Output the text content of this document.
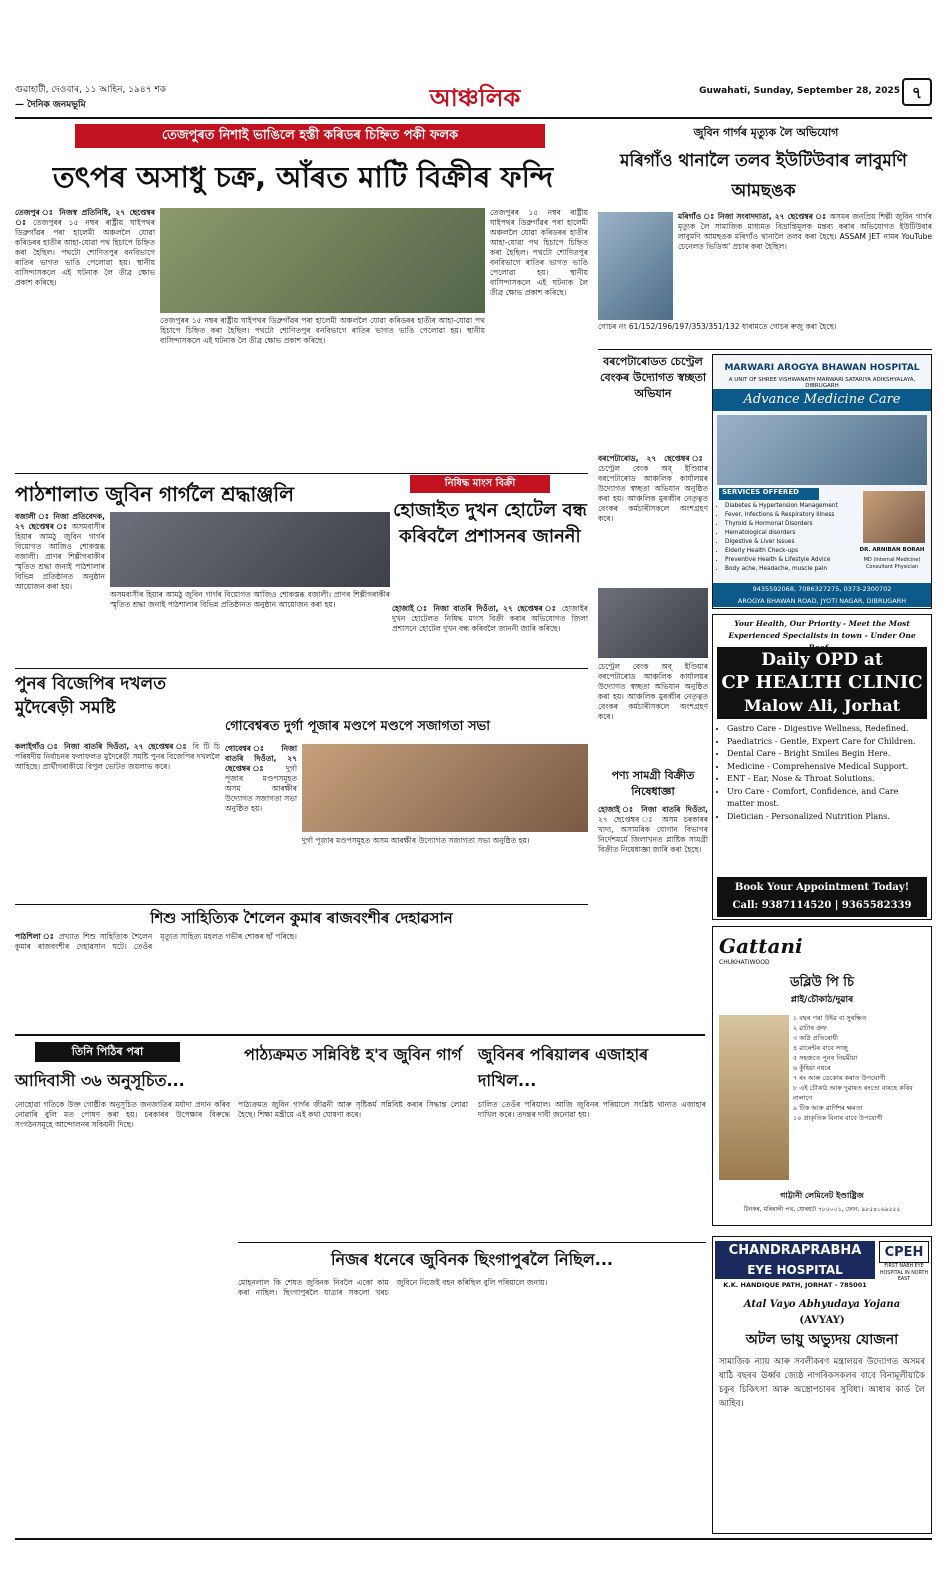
গুৱাহাটী, দেওবাৰ, ১১ আহিন, ১৯৪৭ শক
— দৈনিক জনমভূমি	আঞ্চলিক	Guwahati, Sunday, September 28, 2025 ৭
তেজপুৰত নিশাই ভাঙিলে হস্তী কৰিডৰ চিহ্নিত পকী ফলক
তৎপৰ অসাধু চক্ৰ, আঁৰত মাটি বিক্ৰীৰ ফন্দি
তেজপুৰ ঃ নিজস্ব প্ৰতিনিধি, ২৭ ছেপ্তেম্বৰ ঃ তেজপুৰৰ ১৫ নম্বৰ ৰাষ্ট্ৰীয় ঘাইপথৰ ডিব্ৰুগাঁৱৰ পৰা হালেমী অঞ্চললৈ যোৱা কৰিডৰৰ হাতীৰ আহা-যোৱা পথ হিচাপে চিহ্নিত কৰা হৈছিল। পথটো শোণিতপুৰ বনবিভাগে ৰাতিৰ ভাগত ভাঙি পেলোৱা হয়। স্থানীয় বাসিন্দাসকলে এই ঘটনাক লৈ তীব্ৰ ক্ষোভ প্ৰকাশ কৰিছে।
তেজপুৰৰ ১৫ নম্বৰ ৰাষ্ট্ৰীয় ঘাইপথৰ ডিব্ৰুগাঁৱৰ পৰা হালেমী অঞ্চললৈ যোৱা কৰিডৰৰ হাতীৰ আহা-যোৱা পথ হিচাপে চিহ্নিত কৰা হৈছিল। পথটো শোণিতপুৰ বনবিভাগে ৰাতিৰ ভাগত ভাঙি পেলোৱা হয়। স্থানীয় বাসিন্দাসকলে এই ঘটনাক লৈ তীব্ৰ ক্ষোভ প্ৰকাশ কৰিছে।
তেজপুৰৰ ১৫ নম্বৰ ৰাষ্ট্ৰীয় ঘাইপথৰ ডিব্ৰুগাঁৱৰ পৰা হালেমী অঞ্চললৈ যোৱা কৰিডৰৰ হাতীৰ আহা-যোৱা পথ হিচাপে চিহ্নিত কৰা হৈছিল। পথটো শোণিতপুৰ বনবিভাগে ৰাতিৰ ভাগত ভাঙি পেলোৱা হয়। স্থানীয় বাসিন্দাসকলে এই ঘটনাক লৈ তীব্ৰ ক্ষোভ প্ৰকাশ কৰিছে।
পাঠশালাত জুবিন গাৰ্গলৈ শ্ৰদ্ধাঞ্জলি
বজালী ঃ নিজা প্ৰতিবেদক, ২৭ ছেপ্তেম্বৰ ঃ অসমবাসীৰ হিয়াৰ আমঠু জুবিন গাৰ্গৰ বিয়োগত আজিও শোকস্তব্ধ বজালী। প্ৰাণৰ শিল্পীগৰাকীৰ স্মৃতিত শ্ৰদ্ধা জনাই পাঠশালাৰ বিভিন্ন প্ৰতিষ্ঠানত অনুষ্ঠান আয়োজন কৰা হয়।
অসমবাসীৰ হিয়াৰ আমঠু জুবিন গাৰ্গৰ বিয়োগত আজিও শোকস্তব্ধ বজালী। প্ৰাণৰ শিল্পীগৰাকীৰ স্মৃতিত শ্ৰদ্ধা জনাই পাঠশালাৰ বিভিন্ন প্ৰতিষ্ঠানত অনুষ্ঠান আয়োজন কৰা হয়।
নিষিদ্ধ মাংস বিক্ৰী
হোজাইত দুখন হোটেল বন্ধ কৰিবলৈ প্ৰশাসনৰ জাননী
হোজাই ঃ নিজা বাতৰি দিওঁতা, ২৭ ছেপ্তেম্বৰ ঃ হোজাইৰ দুখন হোটেলত নিষিদ্ধ মাংস বিক্ৰী কৰাৰ অভিযোগত জিলা প্ৰশাসনে হোটেল দুখন বন্ধ কৰিবলৈ জাননী জাৰি কৰিছে।
পুনৰ বিজেপিৰ দখলত মুদৈৰেড়ী সমষ্টি
কলাইগাঁও ঃ নিজা বাতৰি দিওঁতা, ২৭ ছেপ্তেম্বৰ ঃ বি টি চি পৰিষদীয় নিৰ্বাচনৰ ফলাফলত মুদৈৰেড়ী সমষ্টি পুনৰ বিজেপিৰ দখললৈ আহিছে। প্ৰাৰ্থীগৰাকীয়ে বিপুল ভোটত জয়লাভ কৰে।
গোবেশ্বৰত দুৰ্গা পূজাৰ মণ্ডপে মণ্ডপে সজাগতা সভা
গোবেশ্বৰ ঃ নিজা বাতৰি দিওঁতা, ২৭ ছেপ্তেম্বৰ ঃ দুৰ্গা পূজাৰ মণ্ডপসমূহত অসম আৰক্ষীৰ উদ্যোগত সজাগতা সভা অনুষ্ঠিত হয়।
দুৰ্গা পূজাৰ মণ্ডপসমূহত অসম আৰক্ষীৰ উদ্যোগত সজাগতা সভা অনুষ্ঠিত হয়।
শিশু সাহিত্যিক শৈলেন কুমাৰ ৰাজবংশীৰ দেহাৱসান
পাঠশিলা ঃ প্ৰখ্যাত শিশু সাহিত্যিক শৈলেন কুমাৰ ৰাজবংশীৰ দেহাৱসান ঘটে। তেওঁৰ মৃত্যুত সাহিত্য মহলত গভীৰ শোকৰ ছাঁ পৰিছে।
জুবিন গাৰ্গৰ মৃত্যুক লৈ অভিযোগ
মৰিগাঁও থানালৈ তলব ইউটিউবাৰ লাবুমণি আমছঙক
মৰিগাঁও ঃ নিজা সংবাদদাতা, ২৭ ছেপ্তেম্বৰ ঃ অসমৰ জনপ্ৰিয় শিল্পী জুবিন গাৰ্গৰ মৃত্যুক লৈ সামাজিক মাধ্যমত বিভ্ৰান্তিমূলক মন্তব্য কৰাৰ অভিযোগত ইউটিউবাৰ লাবুমণি আমছঙক মৰিগাঁও থানালৈ তলব কৰা হৈছে। ASSAM JET নামৰ YouTube চেনেলত ভিডিঅ' প্ৰচাৰ কৰা হৈছিল।
গোচৰ নং 61/152/196/197/353/351/132 ধাৰামতে গোচৰ ৰুজু কৰা হৈছে।
বৰপেটাৰোডত চেণ্ট্ৰেল বেংকৰ উদ্যোগত স্বচ্ছতা অভিযান
বৰপেটাৰোড, ২৭ ছেপ্তেম্বৰ ঃ চেণ্ট্ৰেল বেংক অব্ ইণ্ডিয়াৰ বৰপেটাৰোড আঞ্চলিক কাৰ্যালয়ৰ উদ্যোগত স্বচ্ছতা অভিযান অনুষ্ঠিত কৰা হয়। আঞ্চলিক মুৰব্বীৰ নেতৃত্বত বেংকৰ কৰ্মচাৰীসকলে অংশগ্ৰহণ কৰে।
চেণ্ট্ৰেল বেংক অব্ ইণ্ডিয়াৰ বৰপেটাৰোড আঞ্চলিক কাৰ্যালয়ৰ উদ্যোগত স্বচ্ছতা অভিযান অনুষ্ঠিত কৰা হয়। আঞ্চলিক মুৰব্বীৰ নেতৃত্বত বেংকৰ কৰ্মচাৰীসকলে অংশগ্ৰহণ কৰে।
পণ্য সামগ্ৰী বিক্ৰীত নিষেধাজ্ঞা
হোজাই ঃ নিজা বাতৰি দিওঁতা, ২৭ ছেপ্তেম্বৰ ঃ অসম চৰকাৰৰ খাদ্য, অসামৰিক যোগান বিভাগৰ নিৰ্দেশমৰ্মে জিলাখনত প্লাষ্টিক সামগ্ৰী বিক্ৰীত নিষেধাজ্ঞা জাৰি কৰা হৈছে।
MARWARI AROGYA BHAWAN HOSPITAL
A UNIT OF SHREE VISHWANATH MARWARI SATARIYA ADIKSHYALAYA, DIBRUGARH
Advance Medicine Care
SERVICES OFFERED
• Diabetes & Hypertension Management
• Fever, Infections & Respiratory Illness
• Thyroid & Hormonal Disorders
• Hematological disorders
• Digestive & Liver Issues
• Elderly Health Check-ups
• Preventive Health & Lifestyle Advice
• Body ache, Headache, muscle pain
DR. ARNIBAN BORAH
MD (Internal Medicine) Consultant Physician
9435592068, 7086327275, 0373-2300702
AROGYA BHAWAN ROAD, JYOTI NAGAR, DIBRUGARH
Your Health, Our Priority - Meet the Most Experienced Specialists in town - Under One
Daily OPD at
CP HEALTH CLINIC
Malow Ali, Jorhat
• Gastro Care - Digestive Wellness, Redefined.
• Paediatrics - Gentle, Expert Care for Children.
• Dental Care - Bright Smiles Begin Here.
• Medicine - Comprehensive Medical Support.
• ENT - Ear, Nose & Throat Solutions.
• Uro Care - Comfort, Confidence, and Care matter most.
• Dietician - Personalized Nutrition Plans.
Book Your Appointment Today!
Call: 9387114520 | 9365582339
Gattani
CHUKHATIWOOD
ডব্লিউ পি চি
প্লাই/চৌকাঠ/দুৱাৰ
১ বছৰ পৰা উইৱ বা সুৰক্ষিত
২ ৱাটাৰ প্ৰুফ
৩ অগ্নি প্ৰতিৰোধী
৪ ৱাৰেন্টৰ বাবে সাজু
৫ সহজতে পুনৰ নিয়মীয়া
৬ কুঁহিয়া নধৰে
৭ ৰং আৰু ডেকোৰ কৰাত উপযোগী
৮ এই চৌকাঠ আৰু দুৱাৰত ৰংতো বাৰহে কৰিব নালাগে
৯ টিক আৰু ৱাৰ্ণিশৰ ক্ষমতা
১০ প্ৰাকৃতিক বিনাৰ বাবে উপযোগী
গাট্টানী লেমিনেট ইণ্ডাষ্ট্ৰিজ
টিনকৰ, মৰিৰালী পথ, যোৰহাট ৭৮৫০০১, ফোন: ৯৮৫৪০৬৯৫৫৫
CHANDRAPRABHA
EYE HOSPITAL
K.K. HANDIQUE PATH, JORHAT - 785001
CPEH
FIRST NABH EYE HOSPITAL IN NORTH EAST
Atal Vayo Abhyudaya Yojana
(AVYAY)
অটল ভায়ু অভ্যুদয় যোজনা
সামাজিক ন্যায় আৰু সবলীকৰণ মন্ত্ৰালয়ৰ উদ্যোগত অসমৰ ষাঠি বছৰৰ ঊৰ্ধ্বৰ জ্যেষ্ঠ নাগৰিকসকলৰ বাবে বিনামূলীয়াকৈ চকুৰ চিকিৎসা আৰু অস্ত্ৰোপচাৰৰ সুবিধা। আধাৰ কাৰ্ড লৈ আহিব।
তিনি পিঠিৰ পৰা
আদিবাসী ৩৬ অনুসূচিত...
নোহোৱা গতিকে উক্ত গোষ্ঠীক অনুসূচিত জনজাতিৰ মৰ্যাদা প্ৰদান কৰিব নোৱাৰি বুলি মত পোষণ কৰা হয়। চৰকাৰৰ উপেক্ষাৰ বিৰুদ্ধে সংগঠনসমূহে আন্দোলনৰ সকিয়নী দিছে।
পাঠ্যক্ৰমত সন্নিবিষ্ট হ'ব জুবিন গাৰ্গ
পাঠ্যক্ৰমত জুবিন গাৰ্গৰ জীৱনী আৰু সৃষ্টিকৰ্ম সন্নিবিষ্ট কৰাৰ সিদ্ধান্ত লোৱা হৈছে। শিক্ষা মন্ত্ৰীয়ে এই কথা ঘোষণা কৰে।
জুবিনৰ পৰিয়ালৰ এজাহাৰ দাখিল...
চালিত তেওঁৰ পৰিয়াল। আজি জুবিনৰ পৰিয়ালে সংশ্লিষ্ট থানাত এজাহাৰ দাখিল কৰে। তদন্তৰ দাবী জনোৱা হয়।
নিজৰ ধনেৰে জুবিনক ছিংগাপুৰলৈ নিছিল...
মোহনলাল কি শেষত জুবিনক নিবলৈ একো কাম কৰা নাছিল। ছিংগাপুৰলৈ যাত্ৰাৰ সকলো খৰচ জুবিনে নিজেই বহন কৰিছিল বুলি পৰিয়ালে জনায়।
